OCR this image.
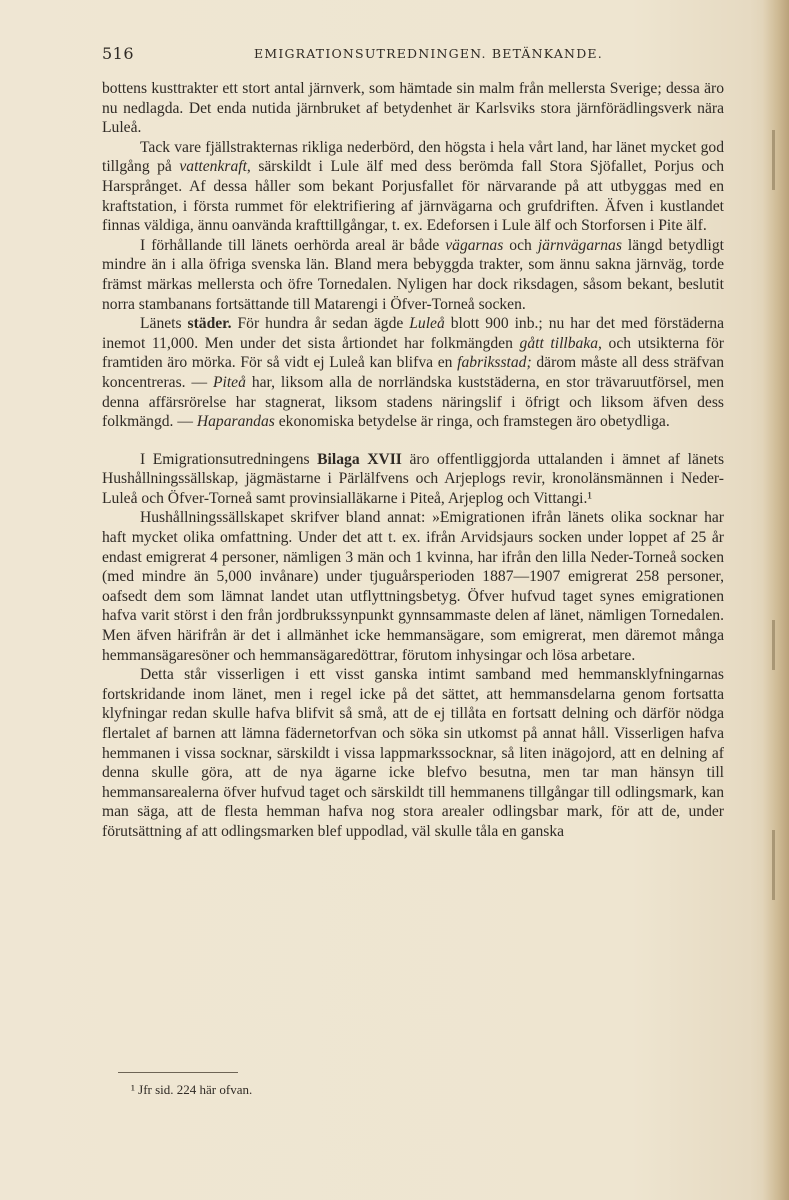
516	EMIGRATIONSUTREDNINGEN. BETÄNKANDE.

bottens kusttrakter ett stort antal järnverk, som hämtade sin malm från mellersta Sverige; dessa äro nu nedlagda. Det enda nutida järnbruket af betydenhet är Karlsviks stora järnförädlingsverk nära Luleå.

Tack vare fjällstrakternas rikliga nederbörd, den högsta i hela vårt land, har länet mycket god tillgång på vattenkraft, särskildt i Lule älf med dess berömda fall Stora Sjöfallet, Porjus och Harsprånget. Af dessa håller som bekant Porjusfallet för närvarande på att utbyggas med en kraftstation, i första rummet för elektrifiering af järnvägarna och grufdriften. Äfven i kustlandet finnas väldiga, ännu oanvända krafttillgångar, t. ex. Edeforsen i Lule älf och Storforsen i Pite älf.

I förhållande till länets oerhörda areal är både vägarnas och järnvägarnas längd betydligt mindre än i alla öfriga svenska län. Bland mera bebyggda trakter, som ännu sakna järnväg, torde främst märkas mellersta och öfre Tornedalen. Nyligen har dock riksdagen, såsom bekant, beslutit norra stambanans fortsättande till Matarengi i Öfver-Torneå socken.

Länets städer. För hundra år sedan ägde Luleå blott 900 inb.; nu har det med förstäderna inemot 11,000. Men under det sista årtiondet har folkmängden gått tillbaka, och utsikterna för framtiden äro mörka. För så vidt ej Luleå kan blifva en fabriksstad; därom måste all dess sträfvan koncentreras. — Piteå har, liksom alla de norrländska kuststäderna, en stor trävaruutförsel, men denna affärsrörelse har stagnerat, liksom stadens näringslif i öfrigt och liksom äfven dess folkmängd. — Haparandas ekonomiska betydelse är ringa, och framstegen äro obetydliga.

I Emigrationsutredningens Bilaga XVII äro offentliggjorda uttalanden i ämnet af länets Hushållningssällskap, jägmästarne i Pärlälfvens och Arjeplogs revir, kronolänsmännen i Neder-Luleå och Öfver-Torneå samt provinsialläkarne i Piteå, Arjeplog och Vittangi.¹

Hushållningssällskapet skrifver bland annat: »Emigrationen ifrån länets olika socknar har haft mycket olika omfattning. Under det att t. ex. ifrån Arvidsjaurs socken under loppet af 25 år endast emigrerat 4 personer, nämligen 3 män och 1 kvinna, har ifrån den lilla Neder-Torneå socken (med mindre än 5,000 invånare) under tjuguårsperioden 1887—1907 emigrerat 258 personer, oafsedt dem som lämnat landet utan utflyttningsbetyg. Öfver hufvud taget synes emigrationen hafva varit störst i den från jordbrukssynpunkt gynnsammaste delen af länet, nämligen Tornedalen. Men äfven härifrån är det i allmänhet icke hemmansägare, som emigrerat, men däremot många hemmansägaresöner och hemmansägaredöttrar, förutom inhysingar och lösa arbetare.

Detta står visserligen i ett visst ganska intimt samband med hemmansklyfningarnas fortskridande inom länet, men i regel icke på det sättet, att hemmansdelarna genom fortsatta klyfningar redan skulle hafva blifvit så små, att de ej tillåta en fortsatt delning och därför nödga flertalet af barnen att lämna fädernetorfvan och söka sin utkomst på annat håll. Visserligen hafva hemmanen i vissa socknar, särskildt i vissa lappmarkssocknar, så liten inägojord, att en delning af denna skulle göra, att de nya ägarne icke blefvo besutna, men tar man hänsyn till hemmansarealerna öfver hufvud taget och särskildt till hemmanens tillgångar till odlingsmark, kan man säga, att de flesta hemman hafva nog stora arealer odlingsbar mark, för att de, under förutsättning af att odlingsmarken blef uppodlad, väl skulle tåla en ganska

¹ Jfr sid. 224 här ofvan.
